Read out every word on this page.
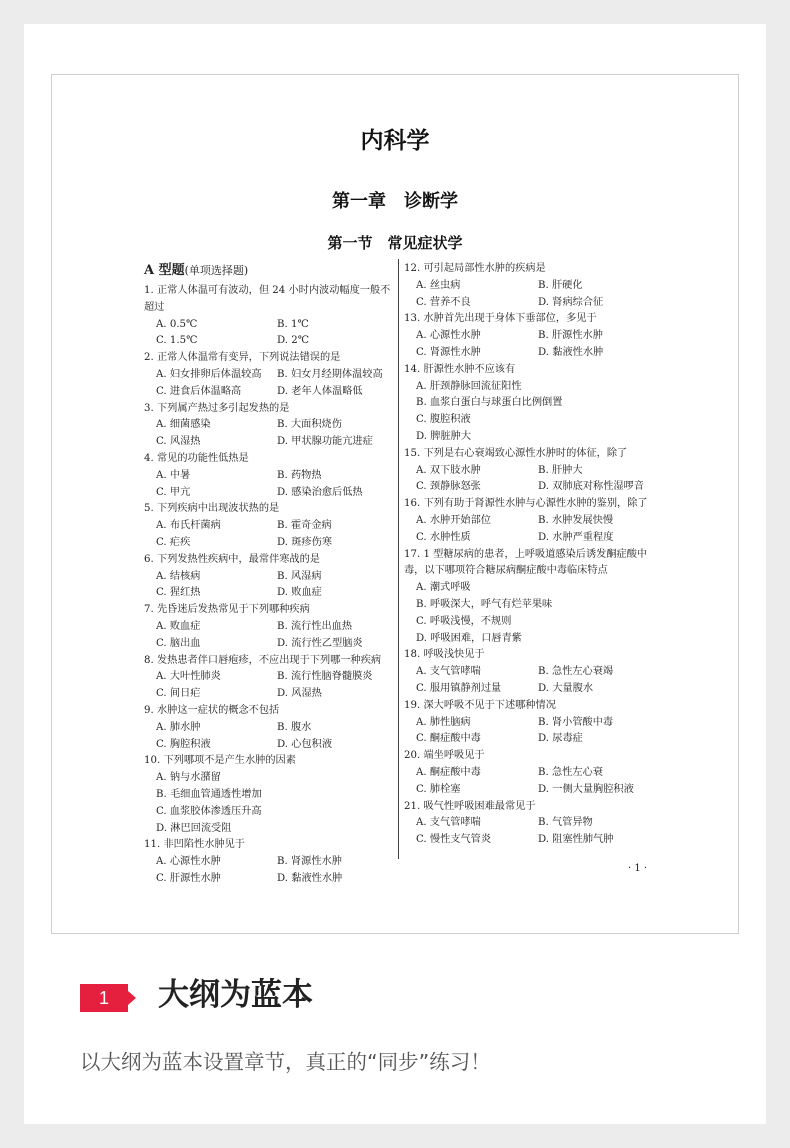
内科学
第一章　诊断学
第一节　常见症状学
A 型题(单项选择题)
1. 正常人体温可有波动，但 24 小时内波动幅度一般不超过
A. 0.5℃	B. 1℃
C. 1.5℃	D. 2℃
2. 正常人体温常有变异，下列说法错误的是
A. 妇女排卵后体温较高	B. 妇女月经期体温较高
C. 进食后体温略高	D. 老年人体温略低
3. 下列属产热过多引起发热的是
A. 细菌感染	B. 大面积烧伤
C. 风湿热	D. 甲状腺功能亢进症
4. 常见的功能性低热是
A. 中暑	B. 药物热
C. 甲亢	D. 感染治愈后低热
5. 下列疾病中出现波状热的是
A. 布氏杆菌病	B. 霍奇金病
C. 疟疾	D. 斑疹伤寒
6. 下列发热性疾病中，最常伴寒战的是
A. 结核病	B. 风湿病
C. 猩红热	D. 败血症
7. 先昏迷后发热常见于下列哪种疾病
A. 败血症	B. 流行性出血热
C. 脑出血	D. 流行性乙型脑炎
8. 发热患者伴口唇疱疹，不应出现于下列哪一种疾病
A. 大叶性肺炎	B. 流行性脑脊髓膜炎
C. 间日疟	D. 风湿热
9. 水肿这一症状的概念不包括
A. 肺水肿	B. 腹水
C. 胸腔积液	D. 心包积液
10. 下列哪项不是产生水肿的因素
A. 钠与水潴留
B. 毛细血管通透性增加
C. 血浆胶体渗透压升高
D. 淋巴回流受阻
11. 非凹陷性水肿见于
A. 心源性水肿	B. 肾源性水肿
C. 肝源性水肿	D. 黏液性水肿
12. 可引起局部性水肿的疾病是
A. 丝虫病	B. 肝硬化
C. 营养不良	D. 肾病综合征
13. 水肿首先出现于身体下垂部位，多见于
A. 心源性水肿	B. 肝源性水肿
C. 肾源性水肿	D. 黏液性水肿
14. 肝源性水肿不应该有
A. 肝颈静脉回流征阳性
B. 血浆白蛋白与球蛋白比例倒置
C. 腹腔积液
D. 脾脏肿大
15. 下列是右心衰竭致心源性水肿时的体征，除了
A. 双下肢水肿	B. 肝肿大
C. 颈静脉怒张	D. 双肺底对称性湿啰音
16. 下列有助于肾源性水肿与心源性水肿的鉴别，除了
A. 水肿开始部位	B. 水肿发展快慢
C. 水肿性质	D. 水肿严重程度
17. 1 型糖尿病的患者，上呼吸道感染后诱发酮症酸中毒，以下哪项符合糖尿病酮症酸中毒临床特点
A. 潮式呼吸
B. 呼吸深大，呼气有烂苹果味
C. 呼吸浅慢，不规则
D. 呼吸困难，口唇青紫
18. 呼吸浅快见于
A. 支气管哮喘	B. 急性左心衰竭
C. 服用镇静剂过量	D. 大量腹水
19. 深大呼吸不见于下述哪种情况
A. 肺性脑病	B. 肾小管酸中毒
C. 酮症酸中毒	D. 尿毒症
20. 端坐呼吸见于
A. 酮症酸中毒	B. 急性左心衰
C. 肺栓塞	D. 一侧大量胸腔积液
21. 吸气性呼吸困难最常见于
A. 支气管哮喘	B. 气管异物
C. 慢性支气管炎	D. 阻塞性肺气肿
· 1 ·
1	大纲为蓝本
以大纲为蓝本设置章节，真正的“同步”练习！
